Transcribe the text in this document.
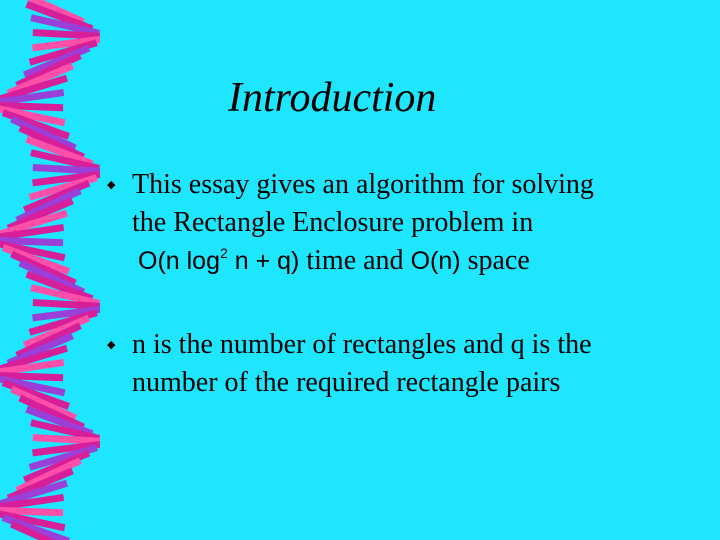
Introduction
◆ This essay gives an algorithm for solving
the Rectangle Enclosure problem in
O(n $\log^2 n + q$) time and O(n) space
◆ n is the number of rectangles and q is the
number of the required rectangle pairs
